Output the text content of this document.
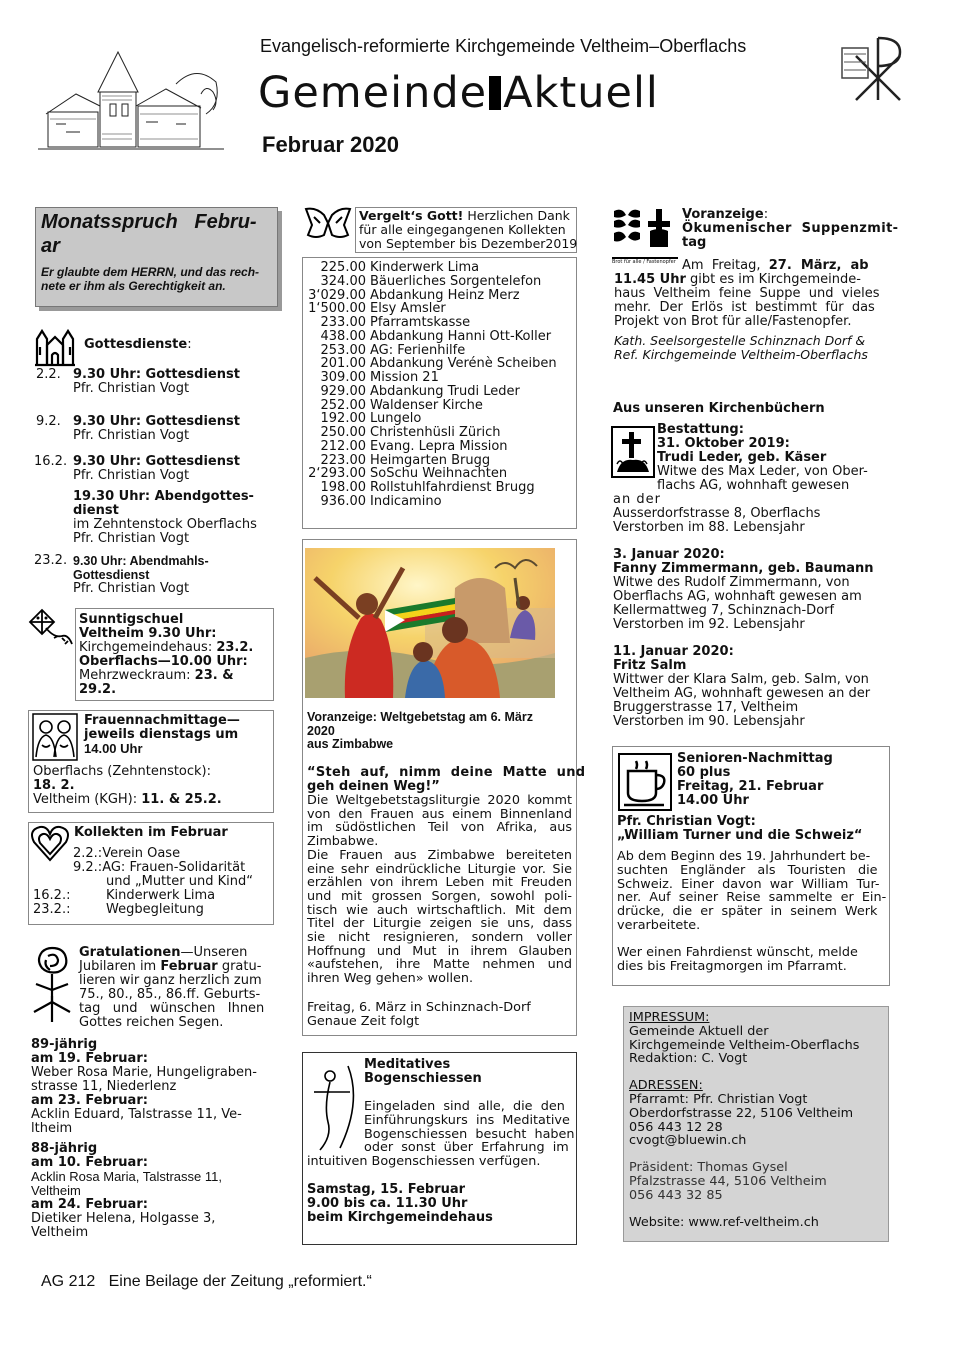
Evangelisch-reformierte Kirchgemeinde Veltheim–Oberflachs
Gemeinde Aktuell
Februar 2020
Monatsspruch   Febru-
ar
Er glaubte dem HERRN, und das rech-
nete er ihm als Gerechtigkeit an.
Gottesdienste:
2.2. 9.30 Uhr: Gottesdienst
Pfr. Christian Vogt
9.2. 9.30 Uhr: Gottesdienst
Pfr. Christian Vogt
16.2. 9.30 Uhr: Gottesdienst
Pfr. Christian Vogt
19.30 Uhr: Abendgottes-
dienst
im Zehntenstock Oberflachs
Pfr. Christian Vogt
23.2. 9.30 Uhr: Abendmahls-
Gottesdienst
Pfr. Christian Vogt
Sunntigschuel
Veltheim 9.30 Uhr:
Kirchgemeindehaus: 23.2.
Oberflachs—10.00 Uhr:
Mehrzweckraum: 23. &
29.2.
Frauennachmittage—
jeweils dienstags um
14.00 Uhr
Oberflachs (Zehntenstock):
18. 2.
Veltheim (KGH): 11. & 25.2.
Kollekten im Februar
2.2.:Verein Oase
9.2.:AG: Frauen-Solidarität
und „Mutter und Kind“
16.2.:	Kinderwerk Lima
23.2.:	Wegbegleitung
Gratulationen—Unseren
Jubilaren im Februar gratu-
lieren wir ganz herzlich zum
75., 80., 85., 86.ff. Geburts-
tag   und   wünschen   Ihnen
Gottes reichen Segen.
89-jährig
am 19. Februar:
Weber Rosa Marie, Hungeligraben-
strasse 11, Niederlenz
am 23. Februar:
Acklin Eduard, Talstrasse 11, Ve-
ltheim
88-jährig
am 10. Februar:
Acklin Rosa Maria, Talstrasse 11,
Veltheim
am 24. Februar:
Dietiker Helena, Holgasse 3,
Veltheim
Vergelt‘s Gott! Herzlichen Dank
für alle eingegangenen Kollekten
von September bis Dezember2019
225.00 Kinderwerk Lima
324.00 Bäuerliches Sorgentelefon
3‘029.00 Abdankung Heinz Merz
1‘500.00 Elsy Amsler
233.00 Pfarramtskasse
438.00 Abdankung Hanni Ott-Koller
253.00 AG: Ferienhilfe
201.00 Abdankung Verénè Scheiben
309.00 Mission 21
929.00 Abdankung Trudi Leder
252.00 Waldenser Kirche
192.00 Lungelo
250.00 Christenhüsli Zürich
212.00 Evang. Lepra Mission
223.00 Heimgarten Brugg
2‘293.00 SoSchu Weihnachten
198.00 Rollstuhlfahrdienst Brugg
936.00 Indicamino
Voranzeige: Weltgebetstag am 6. März
2020
aus Zimbabwe
“Steh  auf,  nimm  deine  Matte  und
geh deinen Weg!”
Die Weltgebetstagsliturgie 2020 kommt
von den Frauen aus einem Binnenland
im südöstlichen Teil von Afrika, aus
Zimbabwe.
Die Frauen aus Zimbabwe bereiteten
eine sehr eindrückliche Liturgie vor. Sie
erzählen von ihrem Leben mit Freuden
und mit grossen Sorgen, sowohl poli-
tisch wie auch wirtschaftlich. Mit dem
Titel der Liturgie zeigen sie uns, dass
sie nicht resignieren, sondern voller
Hoffnung und Mut in ihrem Glauben
«aufstehen, ihre Matte nehmen und
ihren Weg gehen» wollen.
Freitag, 6. März in Schinznach-Dorf
Genaue Zeit folgt
Meditatives
Bogenschiessen
Eingeladen  sind  alle,  die  den
Einführungskurs  ins  Meditative
Bogenschiessen  besucht  haben
oder  sonst  über  Erfahrung  im
intuitiven Bogenschiessen verfügen.
Samstag, 15. Februar
9.00 bis ca. 11.30 Uhr
beim Kirchgemeindehaus
Voranzeige:
Ökumenischer  Suppenzmit-
tag
Brot für alle / Fastenopfer Am  Freitag,  27.  März,  ab
11.45 Uhr gibt es im Kirchgemeinde-
haus  Veltheim  feine  Suppe  und  vieles
mehr.  Der  Erlös  ist  bestimmt  für  das
Projekt von Brot für alle/Fastenopfer.
Kath. Seelsorgestelle Schinznach Dorf &
Ref. Kirchgemeinde Veltheim-Oberflachs
Aus unseren Kirchenbüchern
Bestattung:
31. Oktober 2019:
Trudi Leder, geb. Käser
Witwe des Max Leder, von Ober-
flachs AG, wohnhaft gewesen
an der
Ausserdorfstrasse 8, Oberflachs
Verstorben im 88. Lebensjahr
3. Januar 2020:
Fanny Zimmermann, geb. Baumann
Witwe des Rudolf Zimmermann, von
Oberflachs AG, wohnhaft gewesen am
Kellermattweg 7, Schinznach-Dorf
Verstorben im 92. Lebensjahr
11. Januar 2020:
Fritz Salm
Wittwer der Klara Salm, geb. Salm, von
Veltheim AG, wohnhaft gewesen an der
Bruggerstrasse 17, Veltheim
Verstorben im 90. Lebensjahr
Senioren-Nachmittag
60 plus
Freitag, 21. Februar
14.00 Uhr
Pfr. Christian Vogt:
„William Turner und die Schweiz“
Ab dem Beginn des 19. Jahrhundert be-
suchten   Engländer   als   Touristen   die
Schweiz.  Einer  davon  war  William  Tur-
ner.  Auf  seiner  Reise  sammelte  er  Ein-
drücke,  die  er  später  in  seinem  Werk
verarbeitete.
Wer einen Fahrdienst wünscht, melde
dies bis Freitagmorgen im Pfarramt.
IMPRESSUM:
Gemeinde Aktuell der
Kirchgemeinde Veltheim-Oberflachs
Redaktion: C. Vogt
ADRESSEN:
Pfarramt: Pfr. Christian Vogt
Oberdorfstrasse 22, 5106 Veltheim
056 443 12 28
cvogt@bluewin.ch
Präsident: Thomas Gysel
Pfalzstrasse 44, 5106 Veltheim
056 443 32 85
Website: www.ref-veltheim.ch
AG 212   Eine Beilage der Zeitung „reformiert.“
